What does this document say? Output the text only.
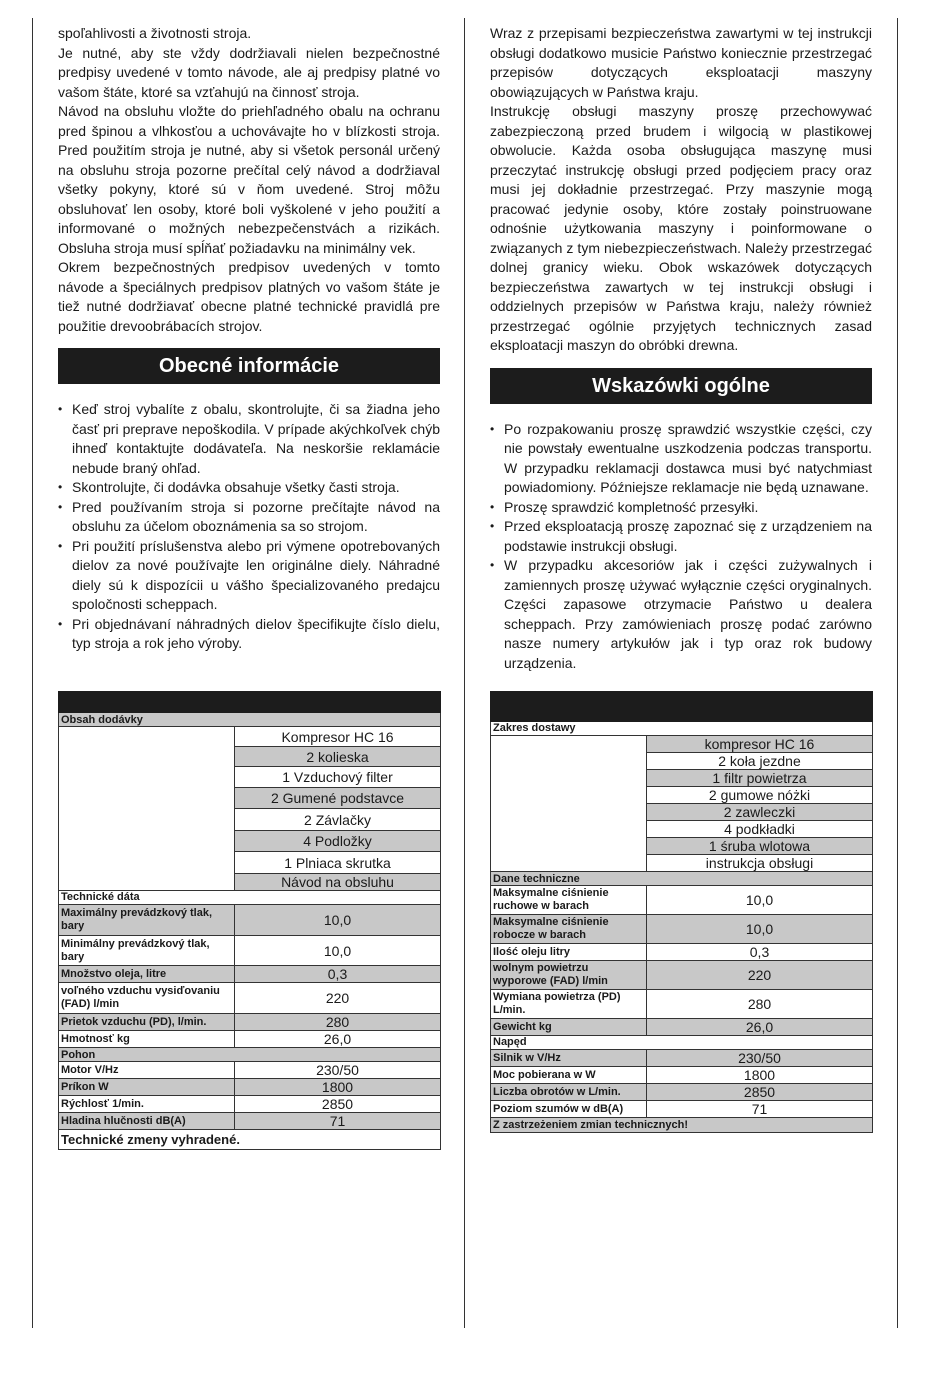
spoľahlivosti a životnosti stroja.

Je nutné, aby ste vždy dodržiavali nielen bezpečnostné predpisy uvedené v tomto návode, ale aj predpisy platné vo vašom štáte, ktoré sa vzťahujú na činnosť stroja.

Návod na obsluhu vložte do priehľadného obalu na ochranu pred špinou a vlhkosťou a uchovávajte ho v blízkosti stroja. Pred použitím stroja je nutné, aby si všetok personál určený na obsluhu stroja pozorne prečítal celý návod a dodržiaval všetky pokyny, ktoré sú v ňom uvedené. Stroj môžu obsluhovať len osoby, ktoré boli vyškolené v jeho použití a informované o možných nebezpečenstvách a rizikách. Obsluha stroja musí spĺňať požiadavku na minimálny vek.

Okrem bezpečnostných predpisov uvedených v tomto návode a špeciálnych predpisov platných vo vašom štáte je tiež nutné dodržiavať obecne platné technické pravidlá pre použitie drevoobrábacích strojov.

Obecné informácie
• Keď stroj vybalíte z obalu, skontrolujte, či sa žiadna jeho časť pri preprave nepoškodila. V prípade akýchkoľvek chýb ihneď kontaktujte dodávateľa. Na neskoršie reklamácie nebude braný ohľad.
• Skontrolujte, či dodávka obsahuje všetky časti stroja.
• Pred používaním stroja si pozorne prečítajte návod na obsluhu za účelom oboznámenia sa so strojom.
• Pri použití príslušenstva alebo pri výmene opotrebovaných dielov za nové používajte len originálne diely. Náhradné diely sú k dispozícii u vášho špecializovaného predajcu spoločnosti scheppach.
• Pri objednávaní náhradných dielov špecifikujte číslo dielu, typ stroja a rok jeho výroby.

Obsah dodávky	
	Kompresor HC 16
	2 kolieska
	1 Vzduchový filter
	2 Gumené podstavce
	2 Závlačky
	4 Podložky
	1 Plniaca skrutka
	Návod na obsluhu
Technické dáta	
Maximálny prevádzkový tlak, bary	10,0
Minimálny prevádzkový tlak, bary	10,0
Množstvo oleja, litre	0,3
voľného vzduchu vysiďovaniu (FAD) l/min	220
Prietok vzduchu (PD), l/min.	280
Hmotnosť kg	26,0
Pohon	
Motor V/Hz	230/50
Príkon W	1800
Rýchlosť 1/min.	2850
Hladina hlučnosti dB(A)	71
Technické zmeny vyhradené.	

Wraz z przepisami bezpieczeństwa zawartymi w tej instrukcji obsługi dodatkowo musicie Państwo koniecznie przestrzegać przepisów dotyczących eksploatacji maszyny obowiązujących w Państwa kraju.

Instrukcję obsługi maszyny proszę przechowywać zabezpieczoną przed brudem i wilgocią w plastikowej obwolucie. Każda osoba obsługująca maszynę musi przeczytać instrukcję obsługi przed podjęciem pracy oraz musi jej dokładnie przestrzegać. Przy maszynie mogą pracować jedynie osoby, które zostały poinstruowane odnośnie użytkowania maszyny i poinformowane o związanych z tym niebezpieczeństwach. Należy przestrzegać dolnej granicy wieku. Obok wskazówek dotyczących bezpieczeństwa zawartych w tej instrukcji obsługi i oddzielnych przepisów w Państwa kraju, należy również przestrzegać ogólnie przyjętych technicznych zasad eksploatacji maszyn do obróbki drewna.

Wskazówki ogólne
• Po rozpakowaniu proszę sprawdzić wszystkie części, czy nie powstały ewentualne uszkodzenia podczas transportu. W przypadku reklamacji dostawca musi być natychmiast powiadomiony. Późniejsze reklamacje nie będą uznawane.
• Proszę sprawdzić kompletność przesyłki.
• Przed eksploatacją proszę zapoznać się z urządzeniem na podstawie instrukcji obsługi.
• W przypadku akcesoriów jak i części zużywalnych i zamiennych proszę używać wyłącznie części oryginalnych. Części zapasowe otrzymacie Państwo u dealera scheppach. Przy zamówieniach proszę podać zarówno nasze numery artykułów jak i typ oraz rok budowy urządzenia.

Zakres dostawy	
	kompresor HC 16
	2 koła jezdne
	1 filtr powietrza
	2 gumowe nóżki
	2 zawleczki
	4 podkładki
	1 śruba wlotowa
	instrukcja obsługi
Dane techniczne	
Maksymalne ciśnienie ruchowe w barach	10,0
Maksymalne ciśnienie robocze w barach	10,0
Ilość oleju litry	0,3
wolnym powietrzu wyporowe (FAD) l/min	220
Wymiana powietrza (PD) L/min.	280
Gewicht kg	26,0
Napęd	
Silnik w V/Hz	230/50
Moc pobierana w W	1800
Liczba obrotów w L/min.	2850
Poziom szumów w dB(A)	71
Z zastrzeżeniem zmian technicznych!	
